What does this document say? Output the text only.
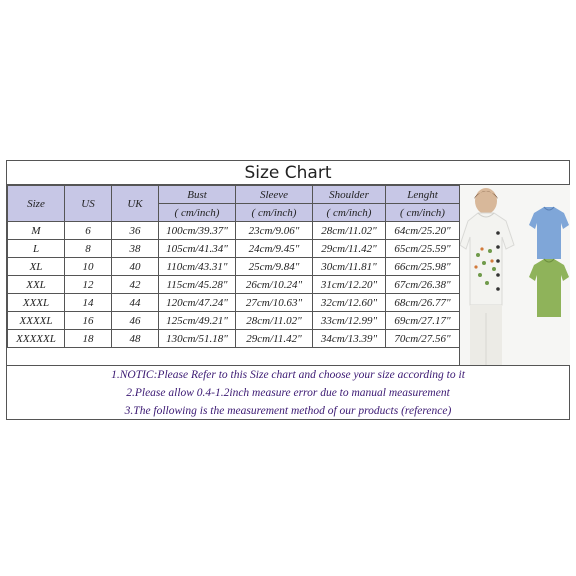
Size Chart
Size	US	UK	Bust	Sleeve	Shoulder	Lenght
			( cm/inch)	( cm/inch)	( cm/inch)	( cm/inch)
M	6	36	100cm/39.37"	23cm/9.06"	28cm/11.02"	64cm/25.20"
L	8	38	105cm/41.34"	24cm/9.45"	29cm/11.42"	65cm/25.59"
XL	10	40	110cm/43.31"	25cm/9.84"	30cm/11.81"	66cm/25.98"
XXL	12	42	115cm/45.28"	26cm/10.24"	31cm/12.20"	67cm/26.38"
XXXL	14	44	120cm/47.24"	27cm/10.63"	32cm/12.60"	68cm/26.77"
XXXXL	16	46	125cm/49.21"	28cm/11.02"	33cm/12.99"	69cm/27.17"
XXXXXL	18	48	130cm/51.18"	29cm/11.42"	34cm/13.39"	70cm/27.56"
1.NOTIC:Please Refer to this Size chart and choose your size according to it
2.Please allow 0.4-1.2inch measure error due to manual measurement
3.The following is the measurement method of our products (reference)
